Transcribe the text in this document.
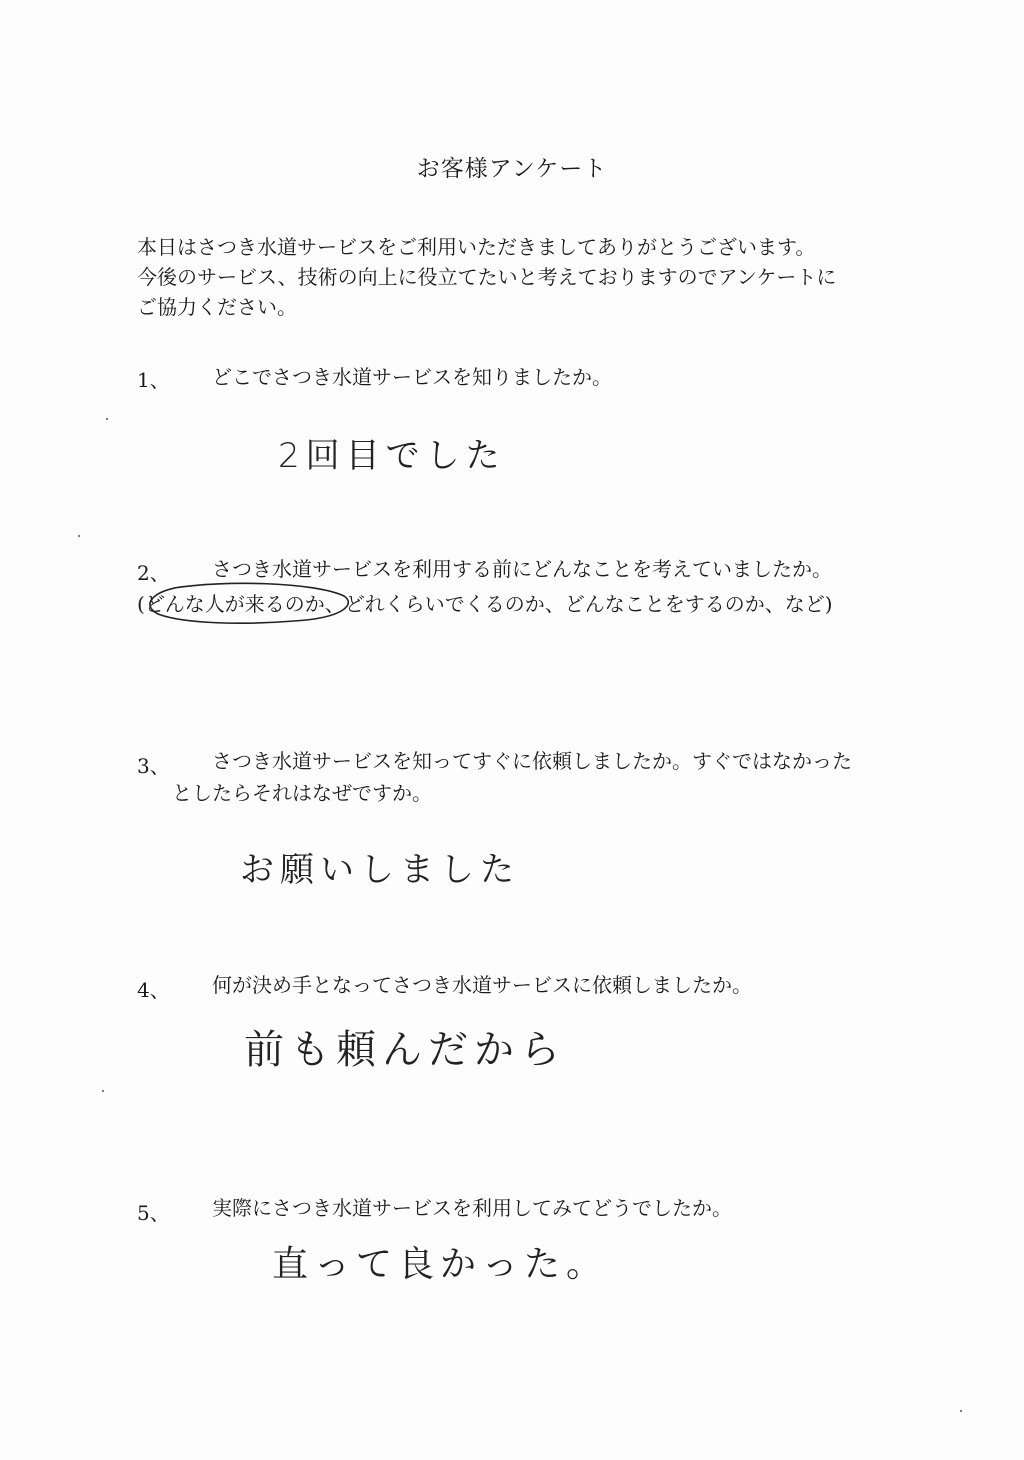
お客様アンケート
本日はさつき水道サービスをご利用いただきましてありがとうございます。
今後のサービス、技術の向上に役立てたいと考えておりますのでアンケートに
ご協力ください。
1、 どこでさつき水道サービスを知りましたか。
2回目でした
2、 さつき水道サービスを利用する前にどんなことを考えていましたか。
(どんな人が来るのか、どれくらいでくるのか、どんなことをするのか、など)
3、 さつき水道サービスを知ってすぐに依頼しましたか。すぐではなかった
としたらそれはなぜですか。
お願いしました
4、 何が決め手となってさつき水道サービスに依頼しましたか。
前も頼んだから
5、 実際にさつき水道サービスを利用してみてどうでしたか。
直って良かった。
